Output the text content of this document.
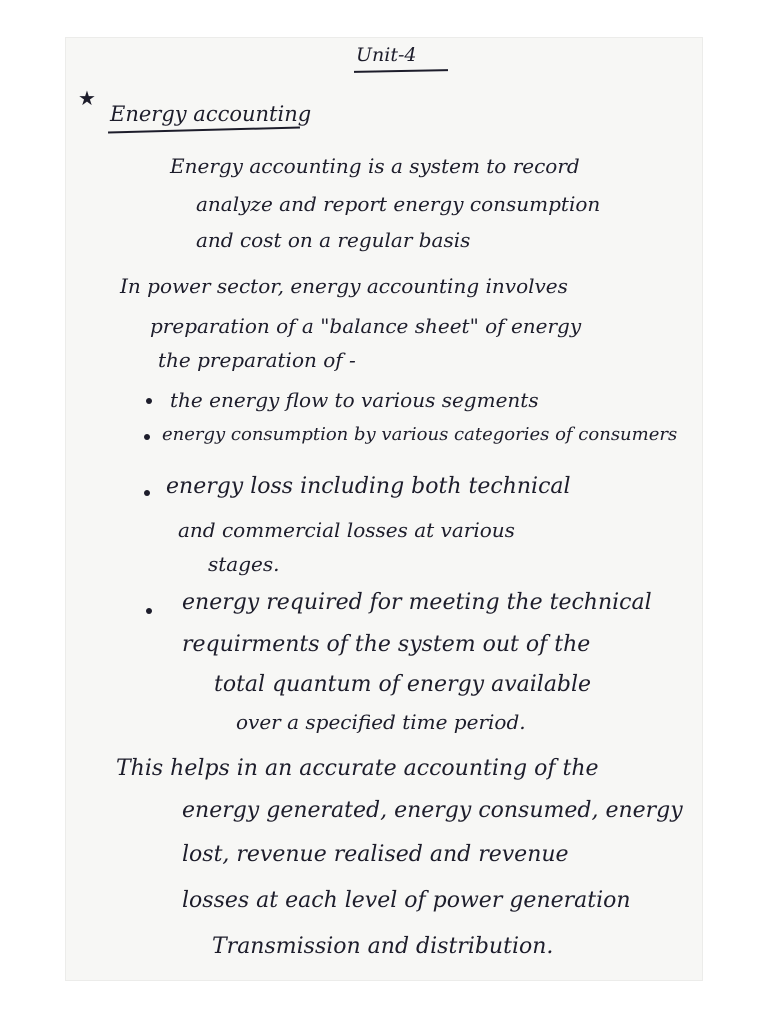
Unit-4
★
Energy accounting
Energy accounting is a system to record
analyze and report energy consumption
and cost on a regular basis
In power sector, energy accounting involves
preparation of a "balance sheet" of energy
the preparation of -
the energy flow to various segments
energy consumption by various categories of consumers
energy loss including both technical
and commercial losses at various
stages.
energy required for meeting the technical
requirments of the system out of the
total quantum of energy available
over a specified time period.
This helps in an accurate accounting of the
energy generated, energy consumed, energy
lost, revenue realised and revenue
losses at each level of power generation
Transmission and distribution.
